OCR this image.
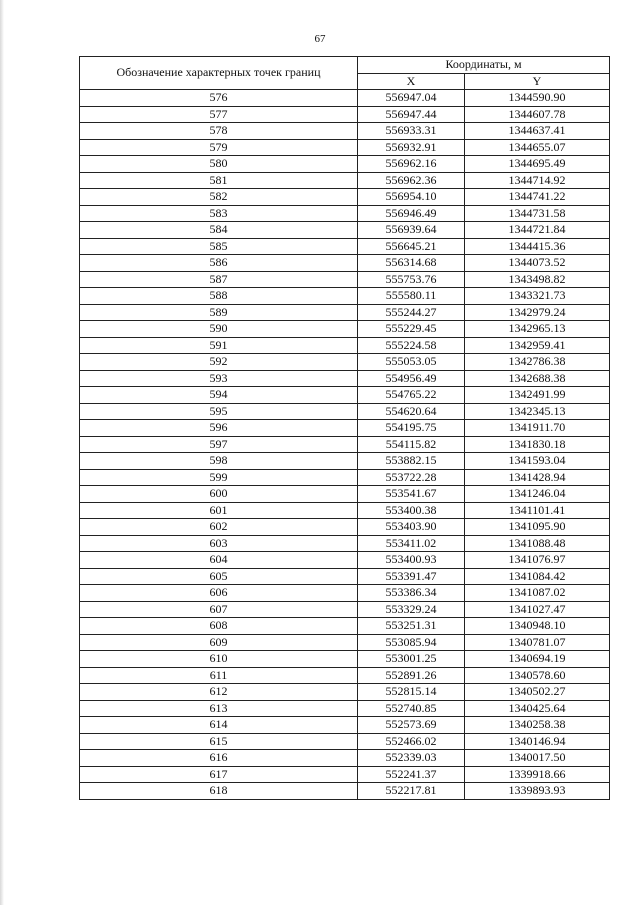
67
Обозначение характерных точек границ	Координаты, м	
	X	Y
576	556947.04	1344590.90
577	556947.44	1344607.78
578	556933.31	1344637.41
579	556932.91	1344655.07
580	556962.16	1344695.49
581	556962.36	1344714.92
582	556954.10	1344741.22
583	556946.49	1344731.58
584	556939.64	1344721.84
585	556645.21	1344415.36
586	556314.68	1344073.52
587	555753.76	1343498.82
588	555580.11	1343321.73
589	555244.27	1342979.24
590	555229.45	1342965.13
591	555224.58	1342959.41
592	555053.05	1342786.38
593	554956.49	1342688.38
594	554765.22	1342491.99
595	554620.64	1342345.13
596	554195.75	1341911.70
597	554115.82	1341830.18
598	553882.15	1341593.04
599	553722.28	1341428.94
600	553541.67	1341246.04
601	553400.38	1341101.41
602	553403.90	1341095.90
603	553411.02	1341088.48
604	553400.93	1341076.97
605	553391.47	1341084.42
606	553386.34	1341087.02
607	553329.24	1341027.47
608	553251.31	1340948.10
609	553085.94	1340781.07
610	553001.25	1340694.19
611	552891.26	1340578.60
612	552815.14	1340502.27
613	552740.85	1340425.64
614	552573.69	1340258.38
615	552466.02	1340146.94
616	552339.03	1340017.50
617	552241.37	1339918.66
618	552217.81	1339893.93
